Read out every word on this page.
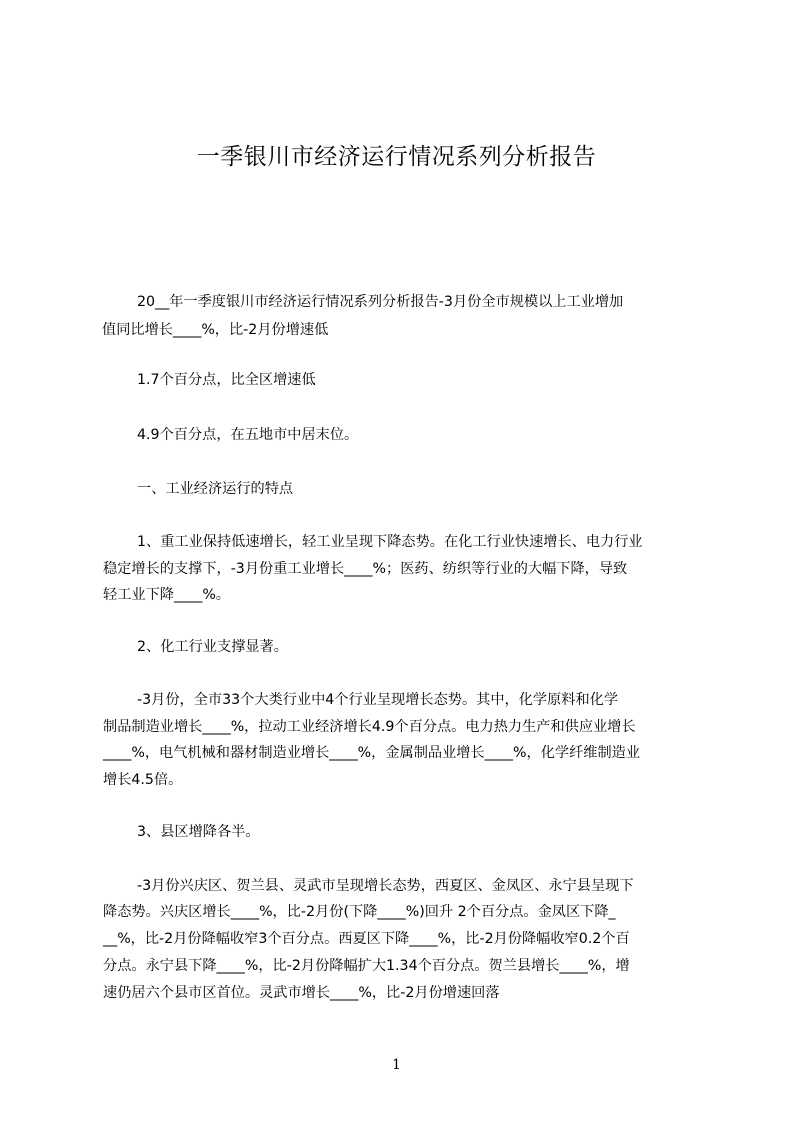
一季银川市经济运行情况系列分析报告
20__年一季度银川市经济运行情况系列分析报告-3月份全市规模以上工业增加
值同比增长____%，比-2月份增速低
1.7个百分点，比全区增速低
4.9个百分点，在五地市中居末位。
一、工业经济运行的特点
1、重工业保持低速增长，轻工业呈现下降态势。在化工行业快速增长、电力行业
稳定增长的支撑下，-3月份重工业增长____%；医药、纺织等行业的大幅下降，导致
轻工业下降____%。
2、化工行业支撑显著。
-3月份，全市33个大类行业中4个行业呈现增长态势。其中，化学原料和化学
制品制造业增长____%，拉动工业经济增长4.9个百分点。电力热力生产和供应业增长
____%，电气机械和器材制造业增长____%，金属制品业增长____%，化学纤维制造业
增长4.5倍。
3、县区增降各半。
-3月份兴庆区、贺兰县、灵武市呈现增长态势，西夏区、金凤区、永宁县呈现下
降态势。兴庆区增长____%，比-2月份(下降____%)回升 2个百分点。金凤区下降_
__%，比-2月份降幅收窄3个百分点。西夏区下降____%，比-2月份降幅收窄0.2个百
分点。永宁县下降____%，比-2月份降幅扩大1.34个百分点。贺兰县增长____%，增
速仍居六个县市区首位。灵武市增长____%，比-2月份增速回落
1
